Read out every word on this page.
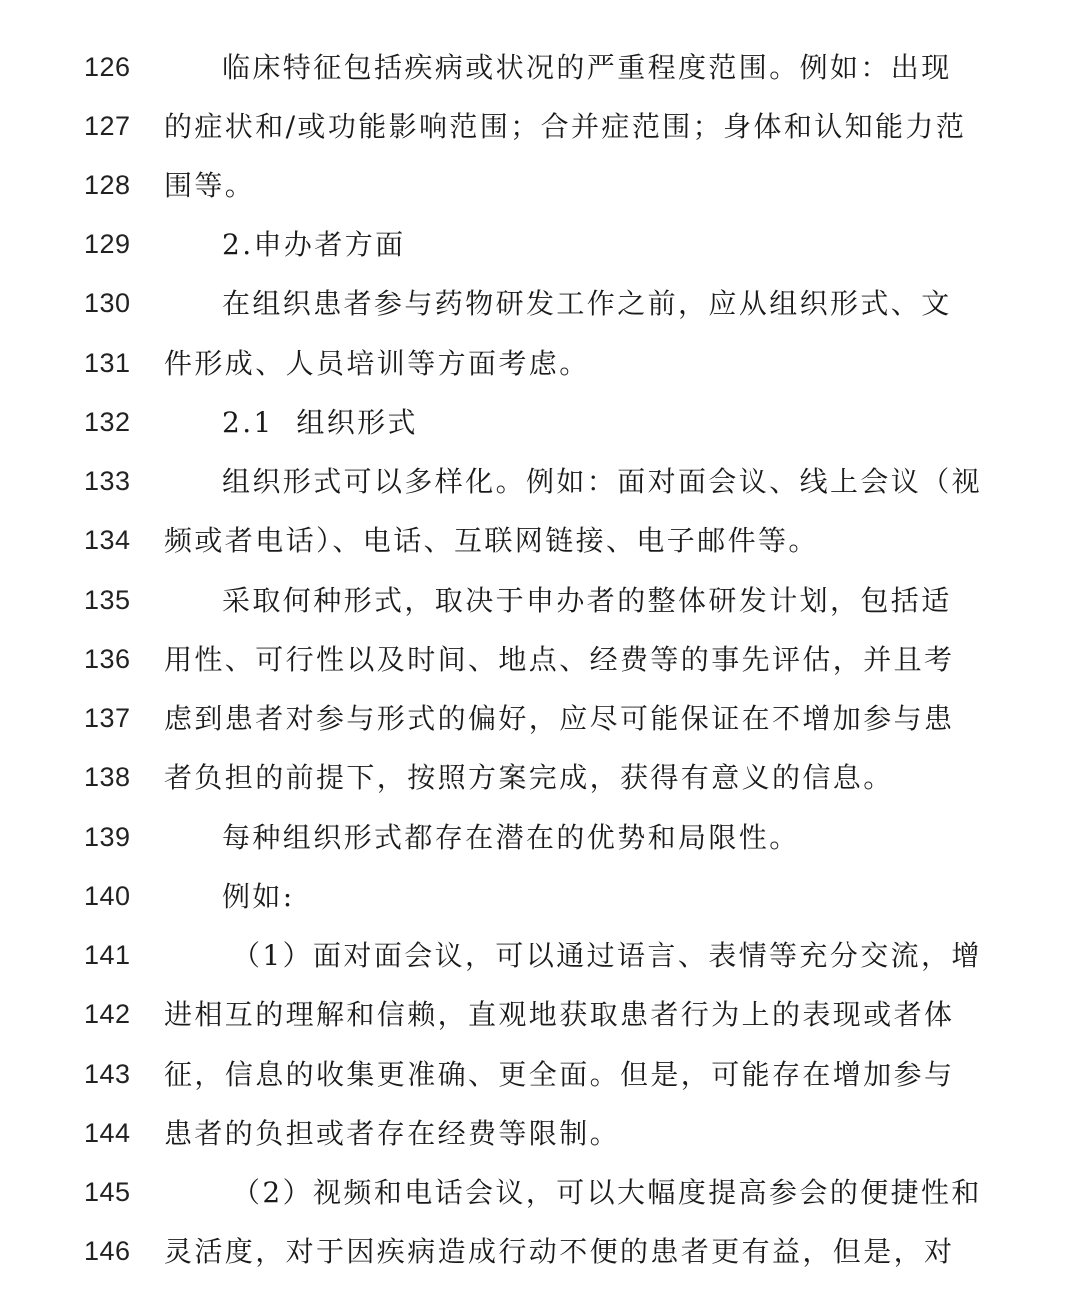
126	临床特征包括疾病或状况的严重程度范围。例如：出现
127	的症状和/或功能影响范围；合并症范围；身体和认知能力范
128	围等。
129	2.申办者方面
130	在组织患者参与药物研发工作之前，应从组织形式、文
131	件形成、人员培训等方面考虑。
132	2.1  组织形式
133	组织形式可以多样化。例如：面对面会议、线上会议（视
134	频或者电话）、电话、互联网链接、电子邮件等。
135	采取何种形式，取决于申办者的整体研发计划，包括适
136	用性、可行性以及时间、地点、经费等的事先评估，并且考
137	虑到患者对参与形式的偏好，应尽可能保证在不增加参与患
138	者负担的前提下，按照方案完成，获得有意义的信息。
139	每种组织形式都存在潜在的优势和局限性。
140	例如:
141	（1）面对面会议，可以通过语言、表情等充分交流，增
142	进相互的理解和信赖，直观地获取患者行为上的表现或者体
143	征，信息的收集更准确、更全面。但是，可能存在增加参与
144	患者的负担或者存在经费等限制。
145	（2）视频和电话会议，可以大幅度提高参会的便捷性和
146	灵活度，对于因疾病造成行动不便的患者更有益，但是，对
